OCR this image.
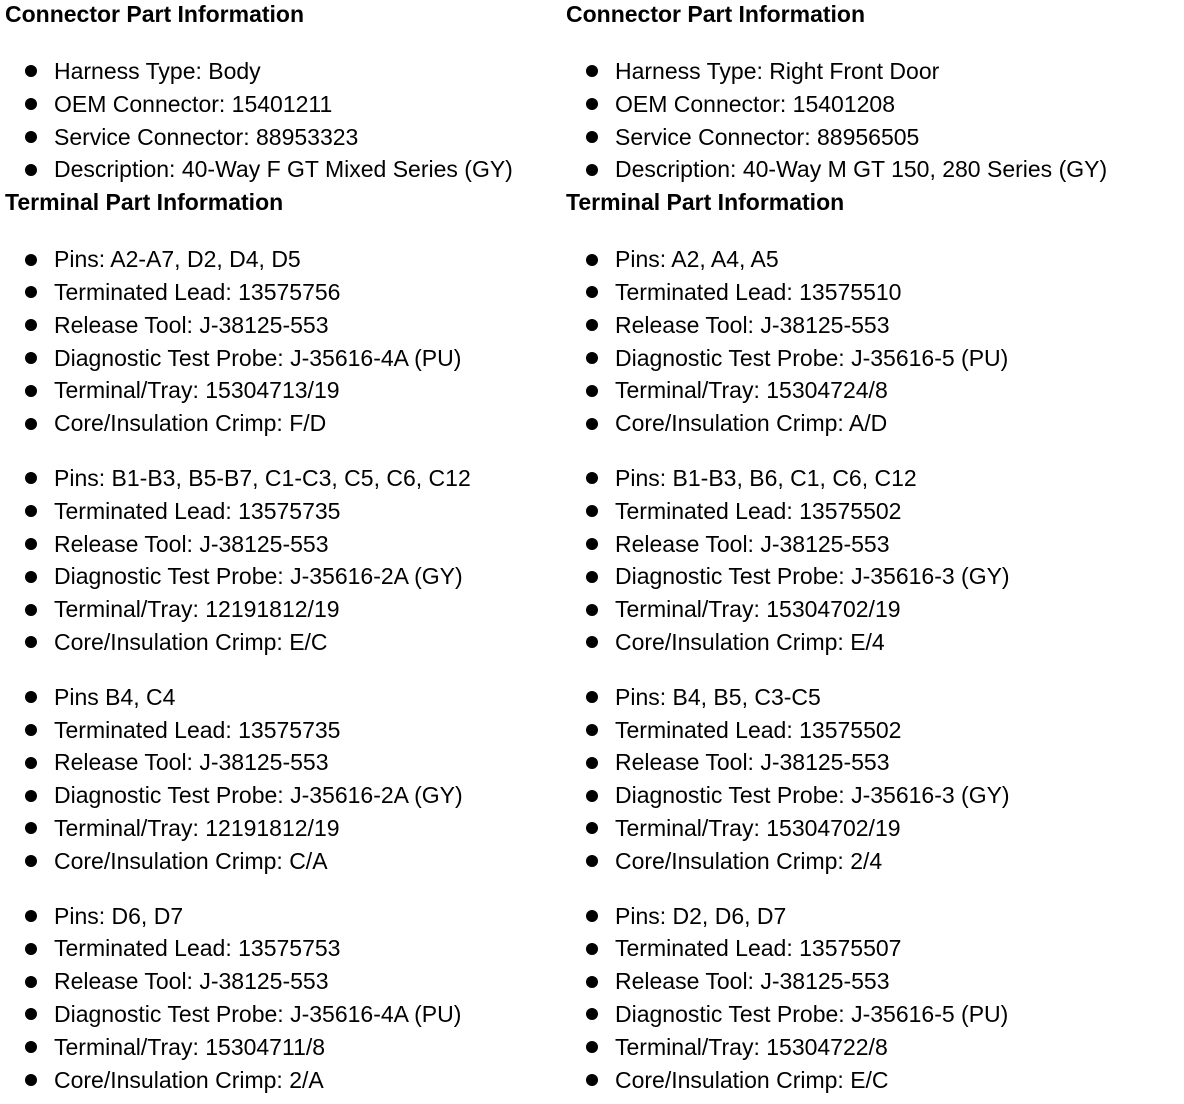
Connector Part Information
Harness Type: Body
OEM Connector: 15401211
Service Connector: 88953323
Description: 40-Way F GT Mixed Series (GY)
Terminal Part Information
Pins: A2-A7, D2, D4, D5
Terminated Lead: 13575756
Release Tool: J-38125-553
Diagnostic Test Probe: J-35616-4A (PU)
Terminal/Tray: 15304713/19
Core/Insulation Crimp: F/D
Pins: B1-B3, B5-B7, C1-C3, C5, C6, C12
Terminated Lead: 13575735
Release Tool: J-38125-553
Diagnostic Test Probe: J-35616-2A (GY)
Terminal/Tray: 12191812/19
Core/Insulation Crimp: E/C
Pins B4, C4
Terminated Lead: 13575735
Release Tool: J-38125-553
Diagnostic Test Probe: J-35616-2A (GY)
Terminal/Tray: 12191812/19
Core/Insulation Crimp: C/A
Pins: D6, D7
Terminated Lead: 13575753
Release Tool: J-38125-553
Diagnostic Test Probe: J-35616-4A (PU)
Terminal/Tray: 15304711/8
Core/Insulation Crimp: 2/A
Connector Part Information
Harness Type: Right Front Door
OEM Connector: 15401208
Service Connector: 88956505
Description: 40-Way M GT 150, 280 Series (GY)
Terminal Part Information
Pins: A2, A4, A5
Terminated Lead: 13575510
Release Tool: J-38125-553
Diagnostic Test Probe: J-35616-5 (PU)
Terminal/Tray: 15304724/8
Core/Insulation Crimp: A/D
Pins: B1-B3, B6, C1, C6, C12
Terminated Lead: 13575502
Release Tool: J-38125-553
Diagnostic Test Probe: J-35616-3 (GY)
Terminal/Tray: 15304702/19
Core/Insulation Crimp: E/4
Pins: B4, B5, C3-C5
Terminated Lead: 13575502
Release Tool: J-38125-553
Diagnostic Test Probe: J-35616-3 (GY)
Terminal/Tray: 15304702/19
Core/Insulation Crimp: 2/4
Pins: D2, D6, D7
Terminated Lead: 13575507
Release Tool: J-38125-553
Diagnostic Test Probe: J-35616-5 (PU)
Terminal/Tray: 15304722/8
Core/Insulation Crimp: E/C
